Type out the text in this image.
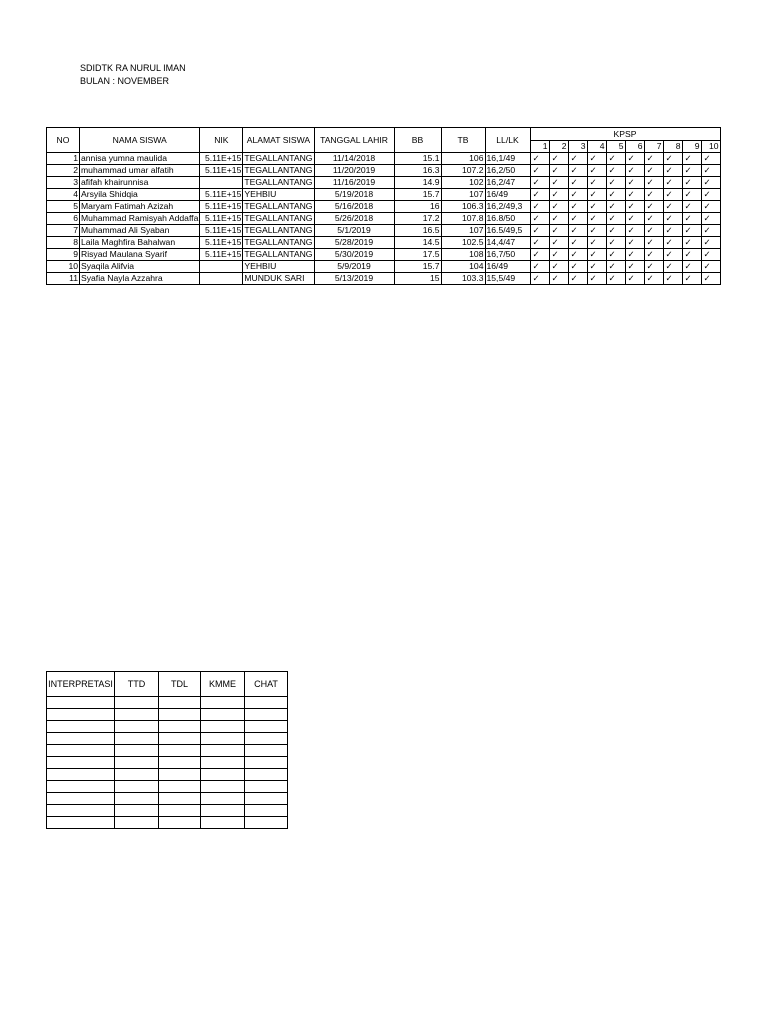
SDIDTK RA NURUL IMAN
BULAN : NOVEMBER
NO	NAMA SISWA	NIK	ALAMAT SISWA	TANGGAL LAHIR	BB	TB	LL/LK	KPSP									
								1	2	3	4	5	6	7	8	9	10
1	annisa yumna maulida	5.11E+15	TEGALLANTANG	11/14/2018	15.1	106	16,1/49	✓	✓	✓	✓	✓	✓	✓	✓	✓	✓
2	muhammad umar alfatih	5.11E+15	TEGALLANTANG	11/20/2019	16.3	107.2	16,2/50	✓	✓	✓	✓	✓	✓	✓	✓	✓	✓
3	afifah khairunnisa		TEGALLANTANG	11/16/2019	14.9	102	16,2/47	✓	✓	✓	✓	✓	✓	✓	✓	✓	✓
4	Arsyila Shidqia	5.11E+15	YEHBIU	5/19/2018	15.7	107	16/49	✓	✓	✓	✓	✓	✓	✓	✓	✓	✓
5	Maryam Fatimah Azizah	5.11E+15	TEGALLANTANG	5/16/2018	16	106.3	16,2/49,3	✓	✓	✓	✓	✓	✓	✓	✓	✓	✓
6	Muhammad Ramisyah Addaffa	5.11E+15	TEGALLANTANG	5/26/2018	17.2	107.8	16.8/50	✓	✓	✓	✓	✓	✓	✓	✓	✓	✓
7	Muhammad Ali Syaban	5.11E+15	TEGALLANTANG	5/1/2019	16.5	107	16.5/49,5	✓	✓	✓	✓	✓	✓	✓	✓	✓	✓
8	Laila Maghfira Bahalwan	5.11E+15	TEGALLANTANG	5/28/2019	14.5	102.5	14,4/47	✓	✓	✓	✓	✓	✓	✓	✓	✓	✓
9	Risyad Maulana Syarif	5.11E+15	TEGALLANTANG	5/30/2019	17.5	108	16,7/50	✓	✓	✓	✓	✓	✓	✓	✓	✓	✓
10	Syaqila Alifvia		YEHBIU	5/9/2019	15.7	104	16/49	✓	✓	✓	✓	✓	✓	✓	✓	✓	✓
11	Syafia Nayla Azzahra		MUNDUK SARI	5/13/2019	15	103.3	15,5/49	✓	✓	✓	✓	✓	✓	✓	✓	✓	✓
INTERPRETASI	TTD	TDL	KMME	CHAT
